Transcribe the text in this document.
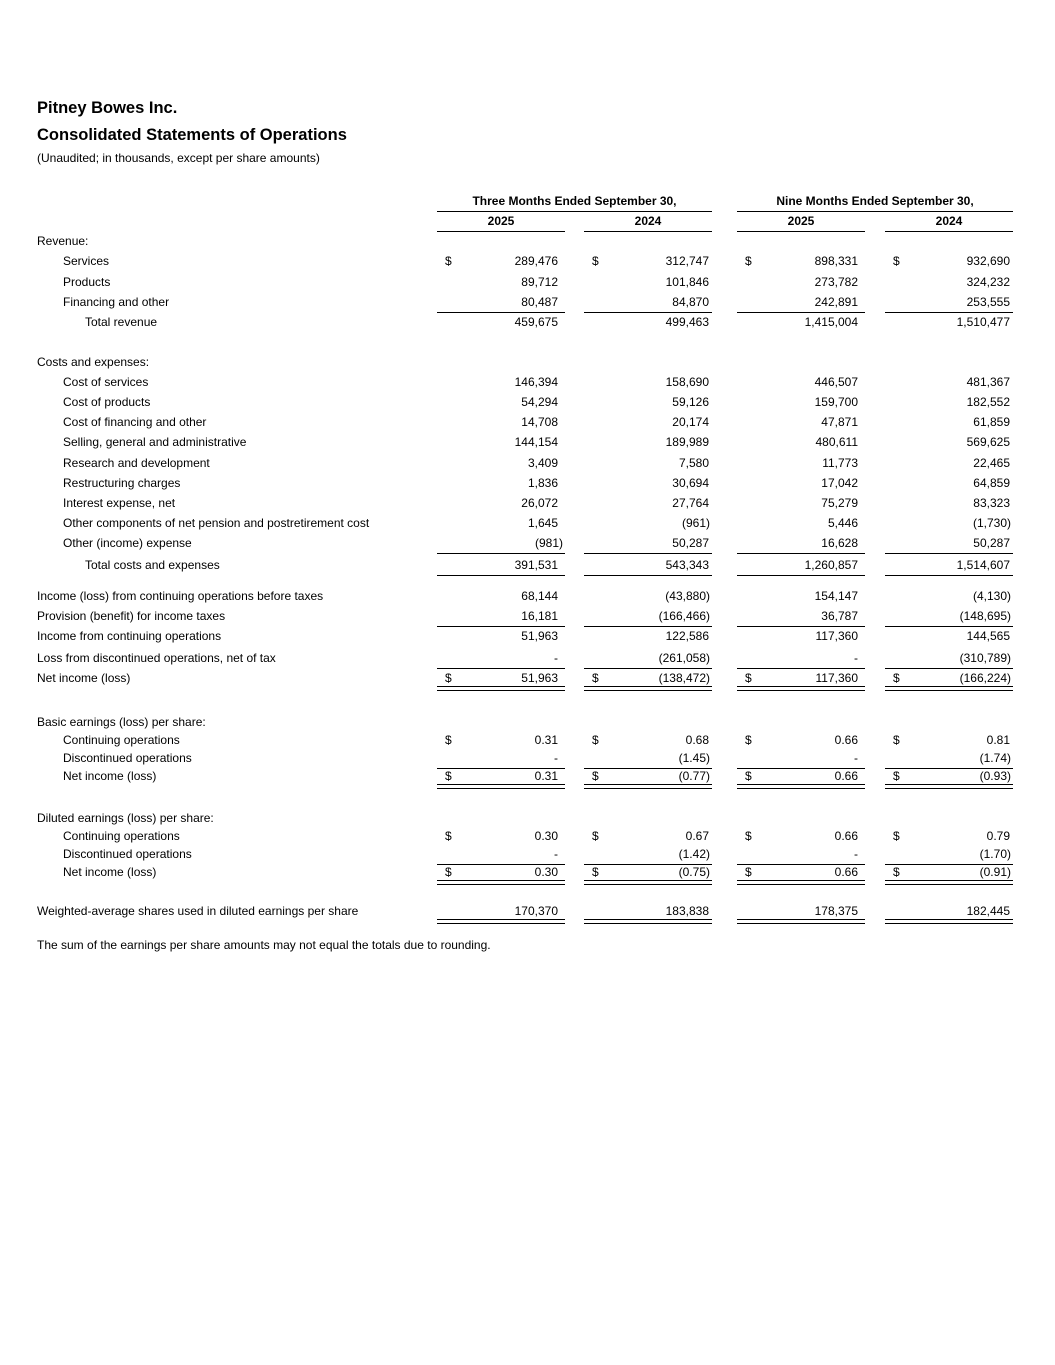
Pitney Bowes Inc.
Consolidated Statements of Operations
(Unaudited; in thousands, except per share amounts)
Three Months Ended September 30,	Nine Months Ended September 30,
2025	2024	2025	2024
Revenue:
Services	$	289,476	$	312,747	$	898,331	$	932,690
Products	89,712	101,846	273,782	324,232
Financing and other	80,487	84,870	242,891	253,555
Total revenue	459,675	499,463	1,415,004	1,510,477
Costs and expenses:
Cost of services	146,394	158,690	446,507	481,367
Cost of products	54,294	59,126	159,700	182,552
Cost of financing and other	14,708	20,174	47,871	61,859
Selling, general and administrative	144,154	189,989	480,611	569,625
Research and development	3,409	7,580	11,773	22,465
Restructuring charges	1,836	30,694	17,042	64,859
Interest expense, net	26,072	27,764	75,279	83,323
Other components of net pension and postretirement cost	1,645	(961)	5,446	(1,730)
Other (income) expense	(981)	50,287	16,628	50,287
Total costs and expenses	391,531	543,343	1,260,857	1,514,607
Income (loss) from continuing operations before taxes	68,144	(43,880)	154,147	(4,130)
Provision (benefit) for income taxes	16,181	(166,466)	36,787	(148,695)
Income from continuing operations	51,963	122,586	117,360	144,565
Loss from discontinued operations, net of tax	-	(261,058)	-	(310,789)
Net income (loss)	$	51,963	$	(138,472)	$	117,360	$	(166,224)
Basic earnings (loss) per share:
Continuing operations	$	0.31	$	0.68	$	0.66	$	0.81
Discontinued operations	-	(1.45)	-	(1.74)
Net income (loss)	$	0.31	$	(0.77)	$	0.66	$	(0.93)
Diluted earnings (loss) per share:
Continuing operations	$	0.30	$	0.67	$	0.66	$	0.79
Discontinued operations	-	(1.42)	-	(1.70)
Net income (loss)	$	0.30	$	(0.75)	$	0.66	$	(0.91)
Weighted-average shares used in diluted earnings per share	170,370	183,838	178,375	182,445
The sum of the earnings per share amounts may not equal the totals due to rounding.
